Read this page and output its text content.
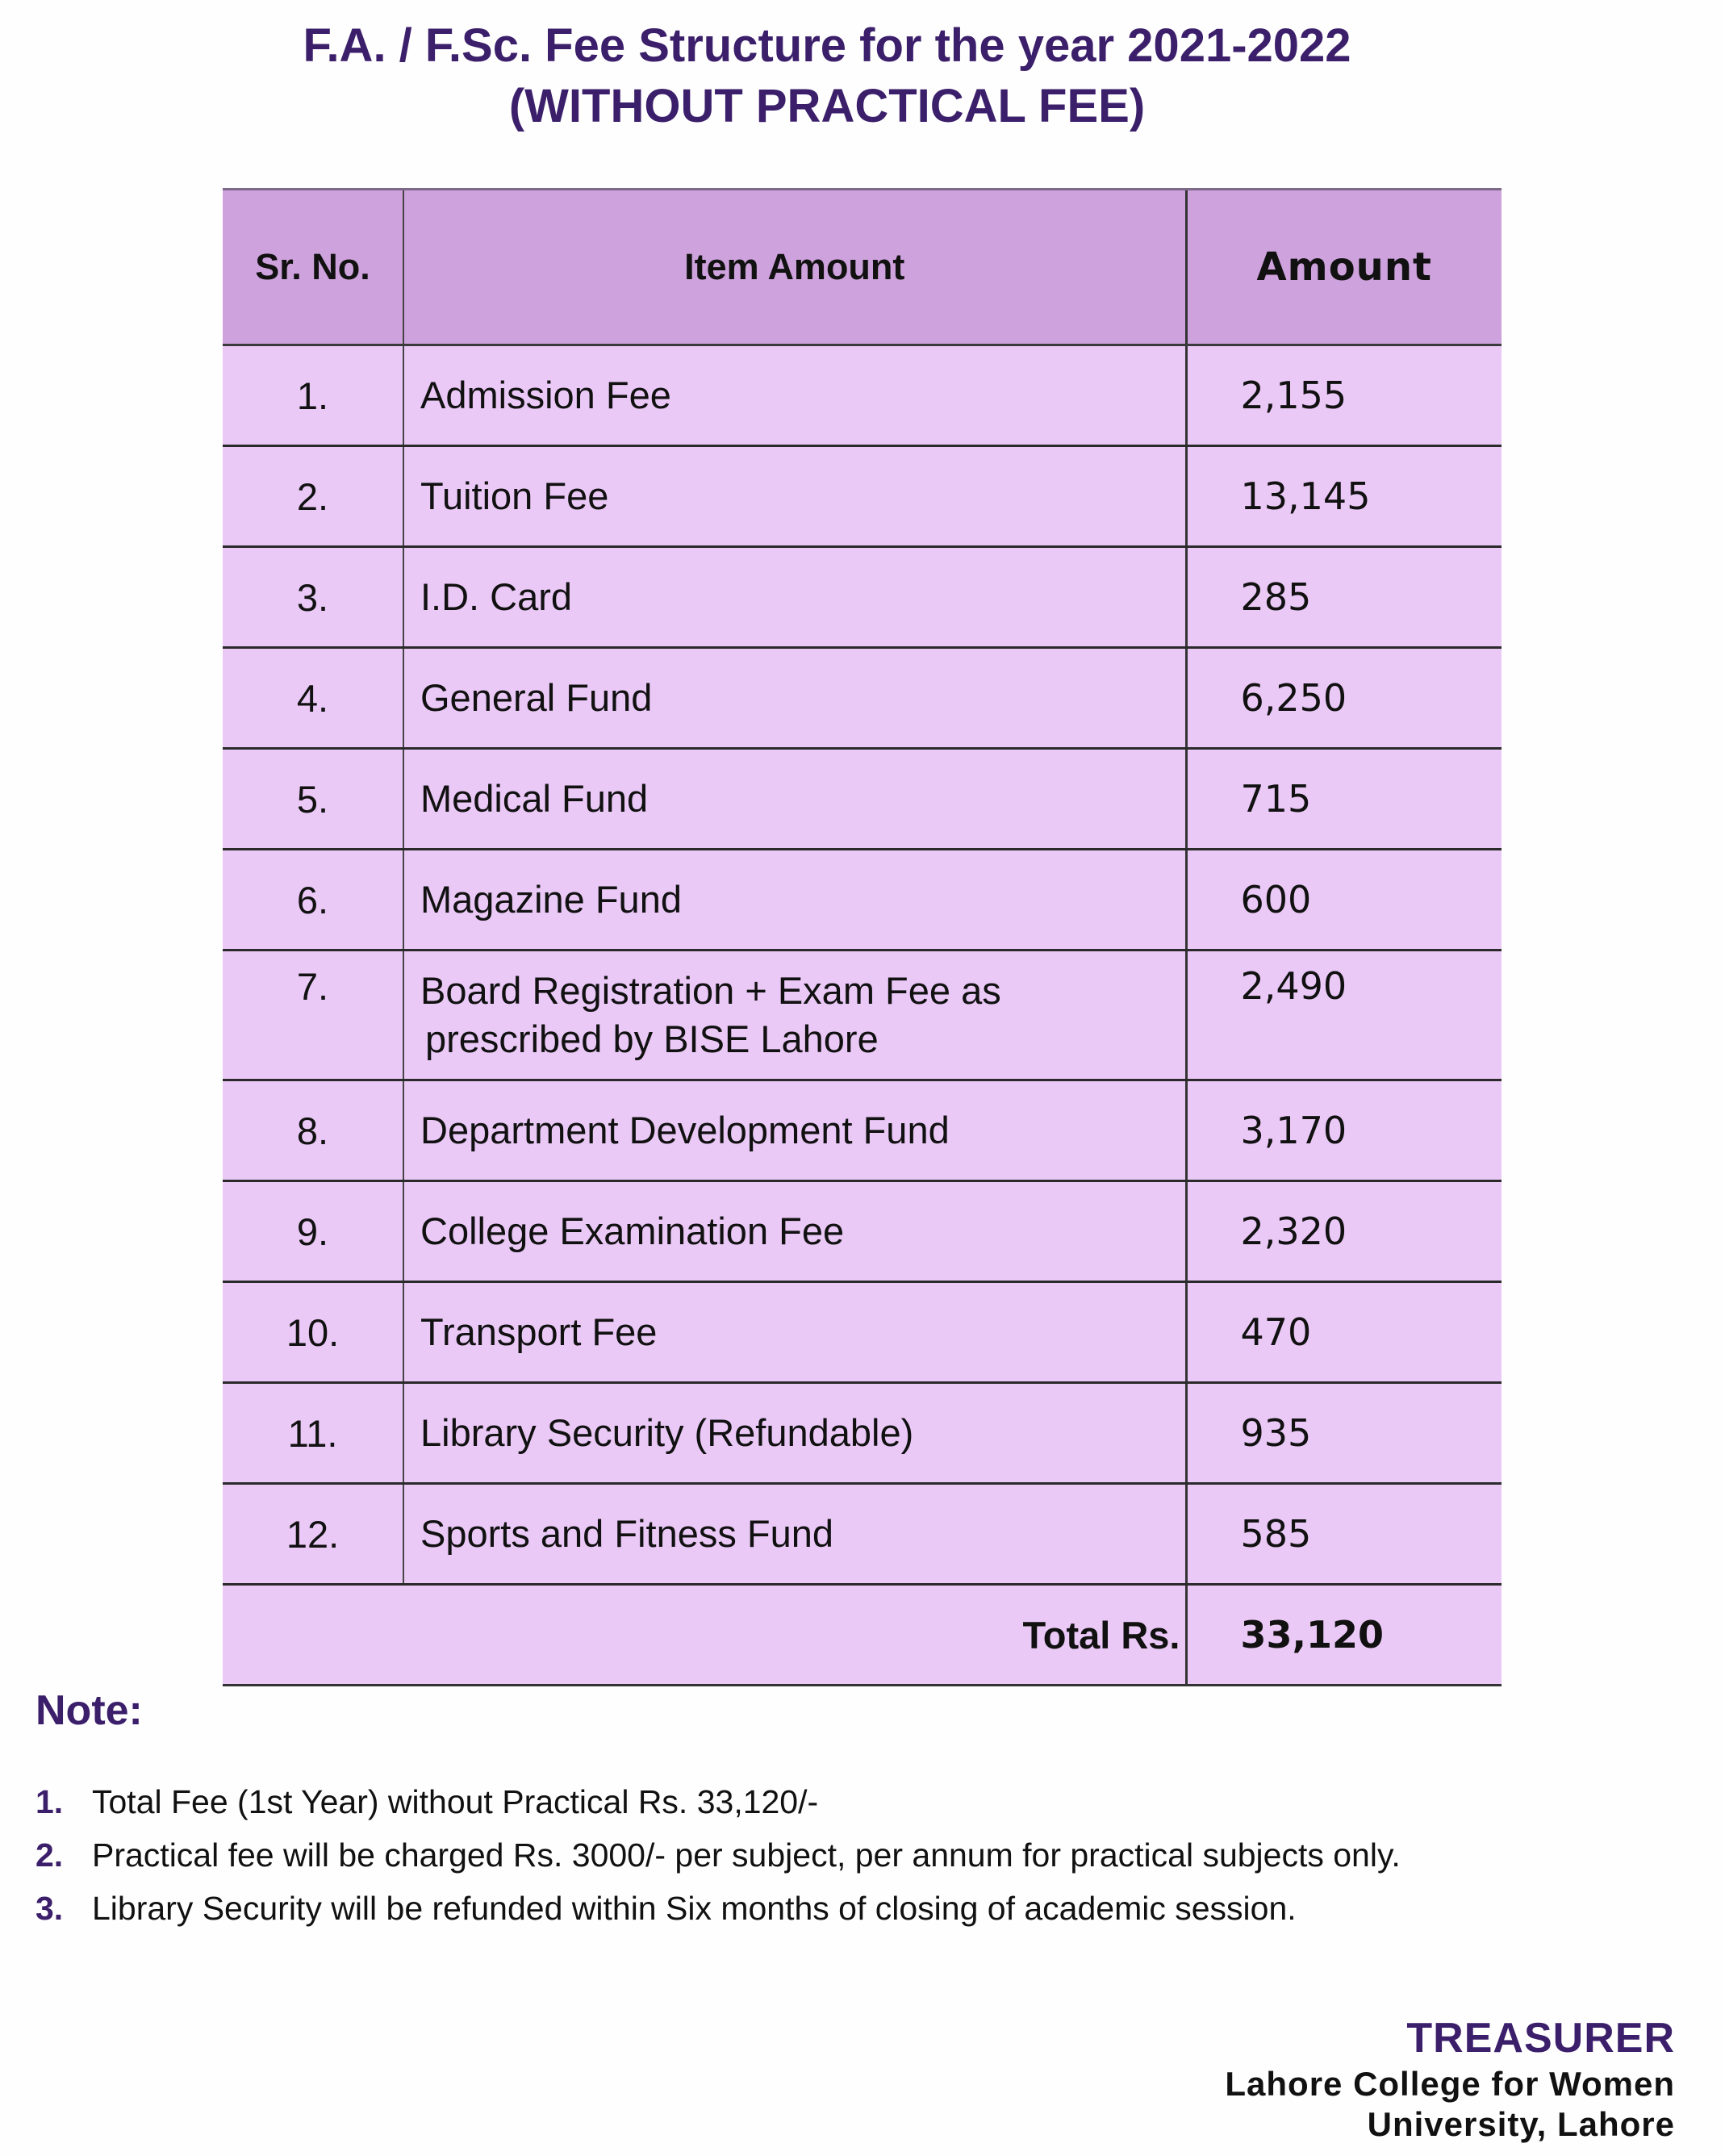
F.A. / F.Sc. Fee Structure for the year 2021-2022
(WITHOUT PRACTICAL FEE)
Sr. No.	Item Amount	Amount
1.	Admission Fee	2,155
2.	Tuition Fee	13,145
3.	I.D. Card	285
4.	General Fund	6,250
5.	Medical Fund	715
6.	Magazine Fund	600
7.	Board Registration + Exam Fee as
prescribed by BISE Lahore	2,490
8.	Department Development Fund	3,170
9.	College Examination Fee	2,320
10.	Transport Fee	470
11.	Library Security (Refundable)	935
12.	Sports and Fitness Fund	585
Total Rs.		33,120
Note:
1. Total Fee (1st Year) without Practical Rs. 33,120/-
2. Practical fee will be charged Rs. 3000/- per subject, per annum for practical subjects only.
3. Library Security will be refunded within Six months of closing of academic session.
TREASURER
Lahore College for Women
University, Lahore
